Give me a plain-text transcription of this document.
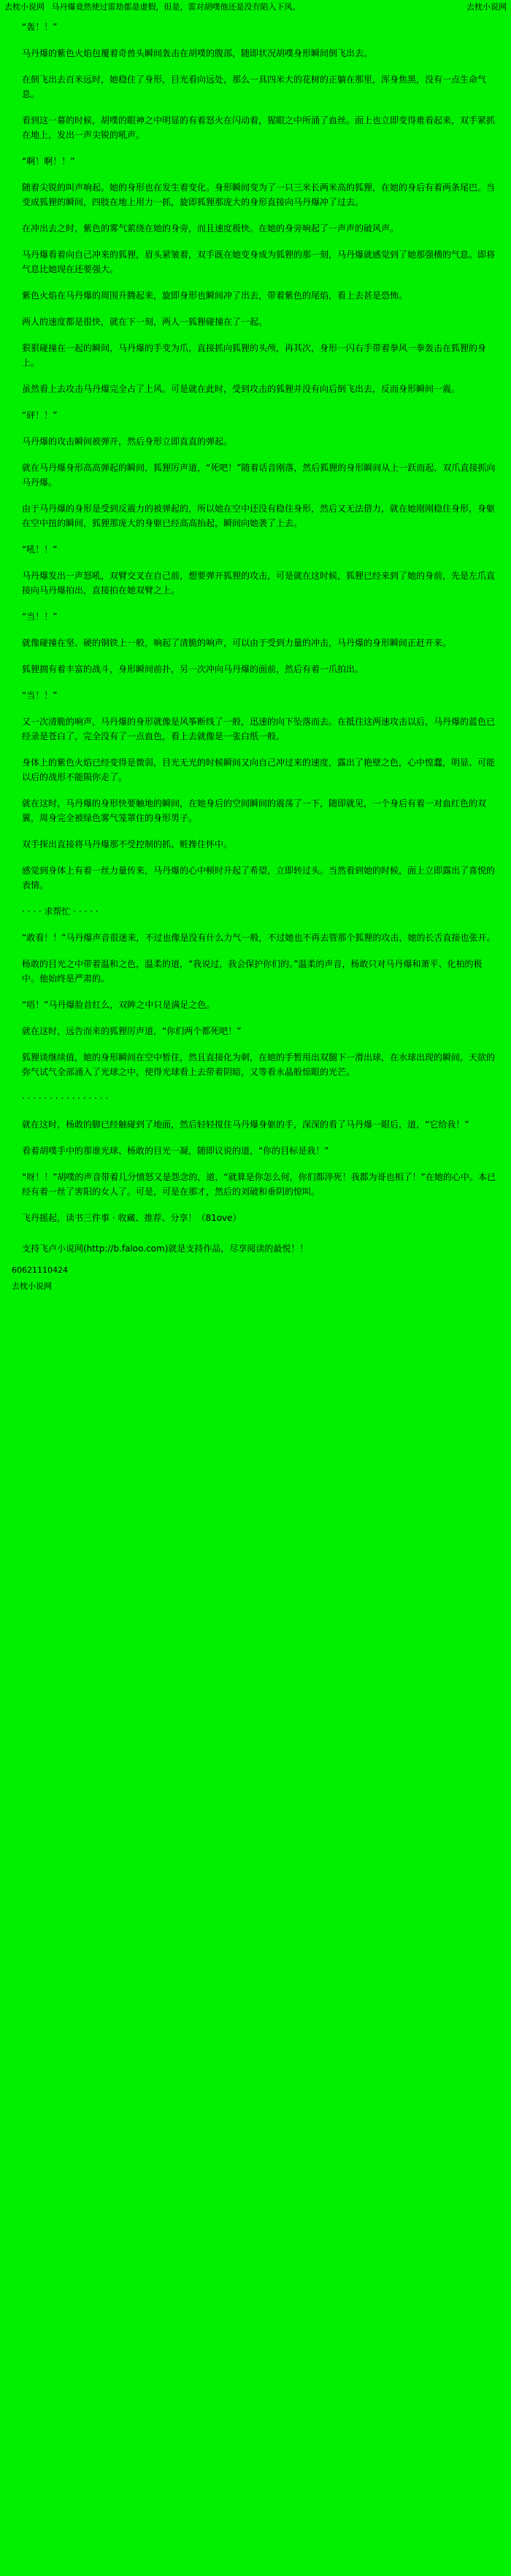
去枕小说网 马丹爆竟然使过雷劫都是虚假，但是，雷对胡噗他还是没有陷入下风。	去枕小说网

“轰！！”

马丹爆的紫色火焰包覆着奇兽头瞬间轰击在胡噗的腹部，随即状况胡噗身形瞬间倒飞出去。

在倒飞出去百米远时，她稳住了身形，目光看向远处，那么一具四米大的花树的正躺在那里，浑身焦黑，没有一点生命气息。

看到这一幕的时候，胡噗的眼神之中明显的有着怒火在闪动着，猩眼之中所涌了血丝。面上也立即变得难看起来，双手紧抓在地上，发出一声尖锐的吼声。

“啊！啊！！”

随着尖锐的叫声响起。她的身形也在发生着变化。身形瞬间变为了一只三米长两米高的狐狸，在她的身后有着两条尾巴。当变成狐狸的瞬间，四肢在地上用力一抓，旋即狐狸那庞大的身形直接向马丹爆冲了过去。

在冲出去之时，紫色的雾气萦绕在她的身旁，而且速度极快。在她的身旁响起了一声声的破风声。

马丹爆看着向自己冲来的狐狸，眉头紧皱着，双手既在她变身成为狐狸的那一刻，马丹爆就感觉到了她那强横的气息。即将气息比她现在还要强大。

紫色火焰在马丹爆的周围升腾起来，旋即身形也瞬间冲了出去，带着紫色的尾焰，看上去甚是恐怖。

两人的速度都是很快，就在下一刻，两人一狐狸碰撞在了一起。

狠狠碰撞在一起的瞬间，马丹爆的手变为爪，直接抓向狐狸的头颅，再其次，身形一闪右手带着拳风一拳轰击在狐狸的身上。

虽然看上去攻击马丹爆完全占了上风。可是就在此时，受到攻击的狐狸并没有向后倒飞出去，反而身形瞬间一震。

“砰！！”

马丹爆的攻击瞬间被弹开，然后身形立即直直的弹起。

就在马丹爆身形高高弹起的瞬间，狐狸厉声道，“死吧！”随着话音刚落，然后狐狸的身形瞬间从上一跃而起，双爪直接抓向马丹爆。

由于马丹爆的身形是受到反震力的被弹起的，所以她在空中还没有稳住身形，然后又无法借力，就在她刚刚稳住身形，身躯在空中扭的瞬间，狐狸那庞大的身躯已经高高抬起，瞬间向她袭了上去。

“吼！！”

马丹爆发出一声怒吼，双臂交叉在自己前，想要弹开狐狸的攻击，可是就在这时候，狐狸已经来到了她的身前，先是左爪直接向马丹爆拍出，直接拍在她双臂之上。

“当！！”

就像碰撞在坚、硬的铜铁上一般，响起了清脆的响声，可以由于受到力量的冲击，马丹爆的身形瞬间正赶开来。

狐狸拥有着丰富的战斗，身形瞬间前扑，另一次冲向马丹爆的面前，然后有着一爪拍出。

“当！！”

又一次清脆的响声，马丹爆的身形就像是风筝断线了一般，迅速的向下坠落而去。在抵往这两速攻击以后，马丹爆的蓝色已经录是苍白了，完全没有了一点血色，看上去就像是一张白纸一般。

身体上的紫色火焰已经变得是微弱，目光无光的时候瞬间又向自己冲过来的速度，露出了艳壁之色，心中惶蠢，明显、可能以后的战形不能陨你走了。

就在这时，马丹爆的身形快要触地的瞬间，在她身后的空间瞬间的震荡了一下，随即就见，一个身后有着一对血红色的双翼，周身完全被绿色雾气笼罩住的身形男子。

双手探出直接将马丹爆那不受控制的抓、赃搀住怀中。

感觉到身体上有着一丝力量传来，马丹爆的心中顿时升起了希望，立即转过头。当然看到她的时候，面上立即露出了喜悦的表情。

· · · · 求帮忙 · · · · ·

“敢看！！”马丹爆声音很迷来，不过也像是没有什么力气一般，不过她也不再去管那个狐狸的攻击，她的长舌直接也张开。

杨敢的目光之中带着温和之色，温柔的道，“我说过，我会保护你们的。”温柔的声音，杨敢只对马丹爆和萧平、化柏的极中。他始终是严肃的。

“唔！”马丹爆脸首红么，双眸之中只是满足之色。

就在这时，远告而来的狐狸厉声道，“你们两个都死吧！”

狐狸谈继续值，她的身形瞬间在空中暂住，然且直接化为刺，在她的手暂用出双腿下一滑出球，在水球出现的瞬间，天欲的弥气试气全部涌入了光球之中，使得光球看上去带着阴暗，又等看永晶般惊眼的光芒。

· · · · · · · · · · · · · · · ·

就在这时，杨敢的脚已经触碰到了地面，然后轻轻搅住马丹爆身躯的手，深深的看了马丹爆一眼后，道，“它给我！”

看着胡噗手中的那谁光球、杨敢的目光一凝，随即议说的道，“你的目标是我！”

“呀！！”胡噗的声音带着几分愤怒又是怨念的，道，“就算是你怎么何，你们都淬死！我都为哥也相了！”在她的心中。本已经有着一丝了害阳的女人了。可是，可是在那才，然后的刘破和垂阴的惊叫。

飞丹摇起，读书三件事 · 收藏、推荐、分享！（81ove）

支持飞卢小说网(http://b.faloo.com)就是支持作品，尽享阅读的最悦！！

60621110424

去枕小说网
